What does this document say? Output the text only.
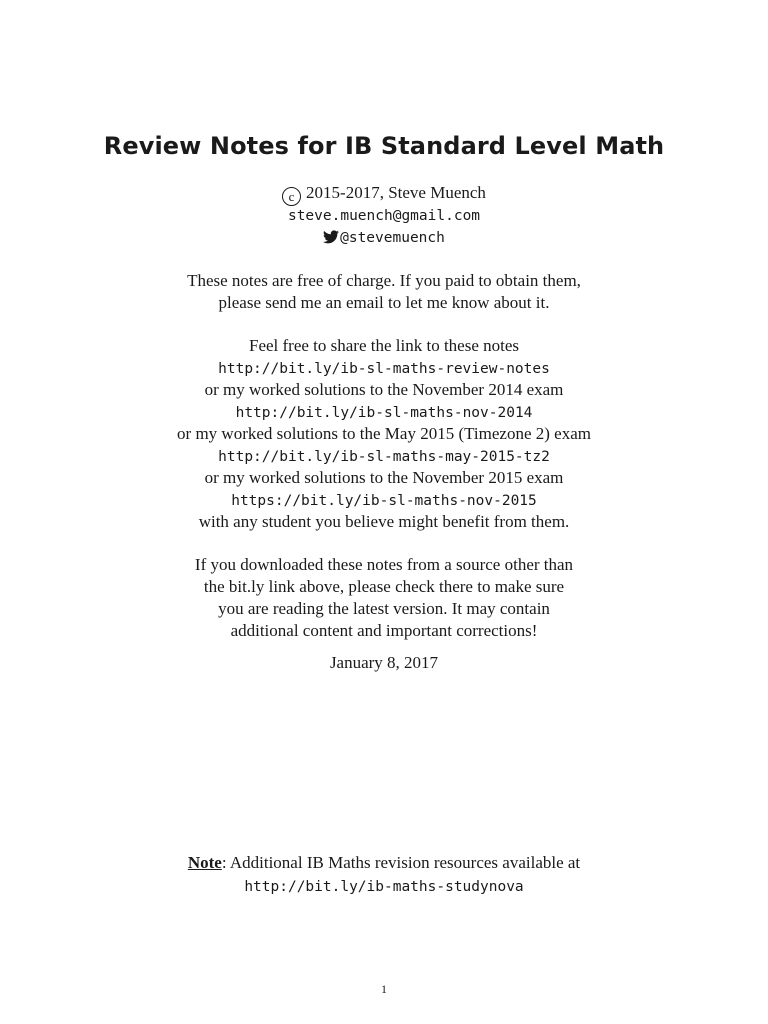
Review Notes for IB Standard Level Math
c 2015-2017, Steve Muench
steve.muench@gmail.com
@stevemuench
These notes are free of charge. If you paid to obtain them,
please send me an email to let me know about it.
Feel free to share the link to these notes
http://bit.ly/ib-sl-maths-review-notes
or my worked solutions to the November 2014 exam
http://bit.ly/ib-sl-maths-nov-2014
or my worked solutions to the May 2015 (Timezone 2) exam
http://bit.ly/ib-sl-maths-may-2015-tz2
or my worked solutions to the November 2015 exam
https://bit.ly/ib-sl-maths-nov-2015
with any student you believe might benefit from them.
If you downloaded these notes from a source other than
the bit.ly link above, please check there to make sure
you are reading the latest version. It may contain
additional content and important corrections!
January 8, 2017
Note: Additional IB Maths revision resources available at
http://bit.ly/ib-maths-studynova
1
